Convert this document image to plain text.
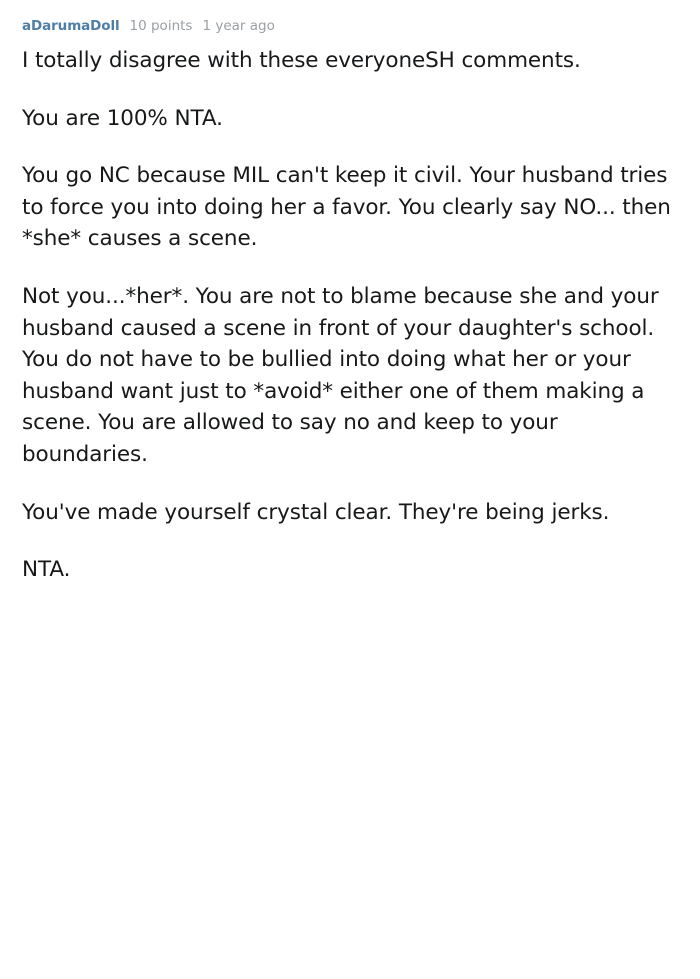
aDarumaDoll 10 points 1 year ago

I totally disagree with these everyoneSH comments.

You are 100% NTA.

You go NC because MIL can't keep it civil. Your husband tries to force you into doing her a favor. You clearly say NO... then *she* causes a scene.

Not you...*her*. You are not to blame because she and your husband caused a scene in front of your daughter's school. You do not have to be bullied into doing what her or your husband want just to *avoid* either one of them making a scene. You are allowed to say no and keep to your boundaries.

You've made yourself crystal clear. They're being jerks.

NTA.
